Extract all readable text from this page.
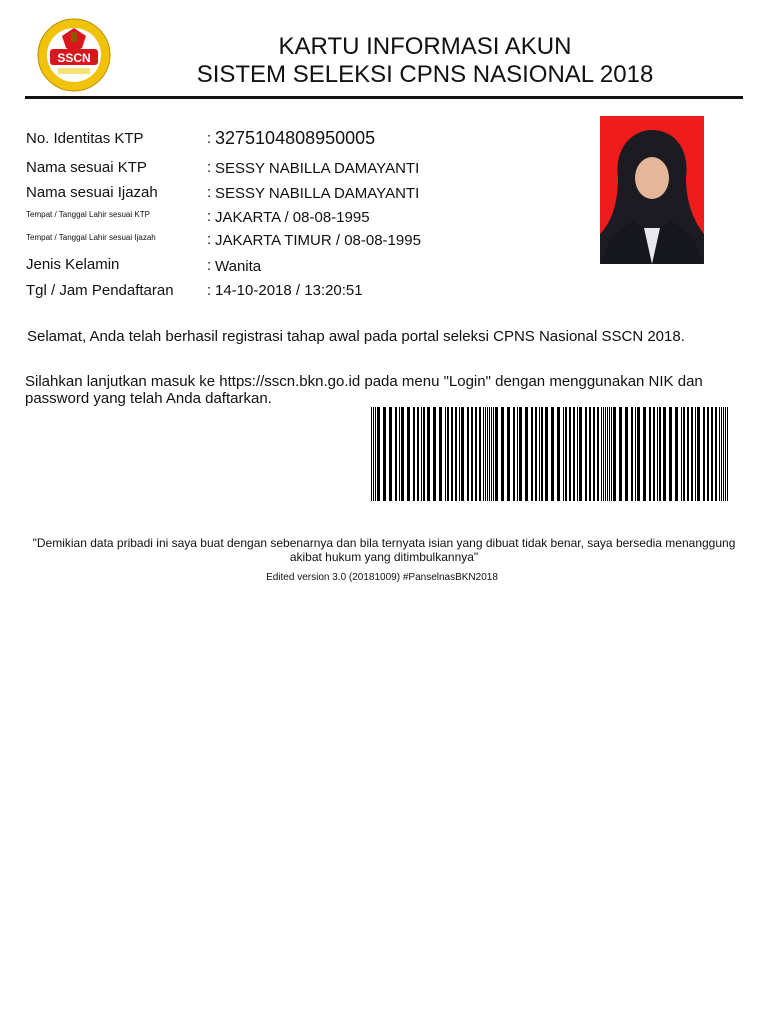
SSCN	KARTU INFORMASI AKUN
SISTEM SELEKSI CPNS NASIONAL 2018
No. Identitas KTP	: 3275104808950005
Nama sesuai KTP	: SESSY NABILLA DAMAYANTI
Nama sesuai Ijazah	: SESSY NABILLA DAMAYANTI
Tempat / Tanggal Lahir sesuai KTP	: JAKARTA / 08-08-1995
Tempat / Tanggal Lahir sesuai Ijazah	: JAKARTA TIMUR / 08-08-1995
Jenis Kelamin	: Wanita
Tgl / Jam Pendaftaran : 14-10-2018 / 13:20:51
Selamat, Anda telah berhasil registrasi tahap awal pada portal seleksi CPNS Nasional SSCN 2018.
Silahkan lanjutkan masuk ke https://sscn.bkn.go.id pada menu "Login" dengan menggunakan NIK dan password yang telah Anda daftarkan.
"Demikian data pribadi ini saya buat dengan sebenarnya dan bila ternyata isian yang dibuat tidak benar, saya bersedia menanggung akibat hukum yang ditimbulkannya"
Edited version 3.0 (20181009) #PanselnasBKN2018
